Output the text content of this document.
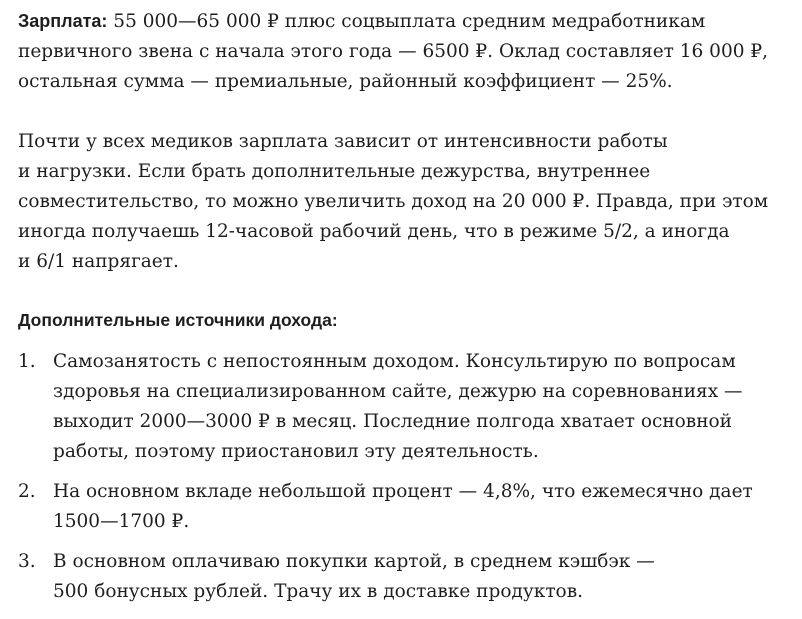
Зарплата: 55 000—65 000 ₽ плюс соцвыплата средним медработникам
первичного звена с начала этого года — 6500 ₽. Оклад составляет 16 000 ₽,
остальная сумма — премиальные, районный коэффициент — 25%.

Почти у всех медиков зарплата зависит от интенсивности работы
и нагрузки. Если брать дополнительные дежурства, внутреннее
совместительство, то можно увеличить доход на 20 000 ₽. Правда, при этом
иногда получаешь 12-часовой рабочий день, что в режиме 5/2, а иногда
и 6/1 напрягает.

Дополнительные источники дохода:
1. Самозанятость с непостоянным доходом. Консультирую по вопросам
здоровья на специализированном сайте, дежурю на соревнованиях —
выходит 2000—3000 ₽ в месяц. Последние полгода хватает основной
работы, поэтому приостановил эту деятельность.
2. На основном вкладе небольшой процент — 4,8%, что ежемесячно дает
1500—1700 ₽.
3. В основном оплачиваю покупки картой, в среднем кэшбэк —
500 бонусных рублей. Трачу их в доставке продуктов.
